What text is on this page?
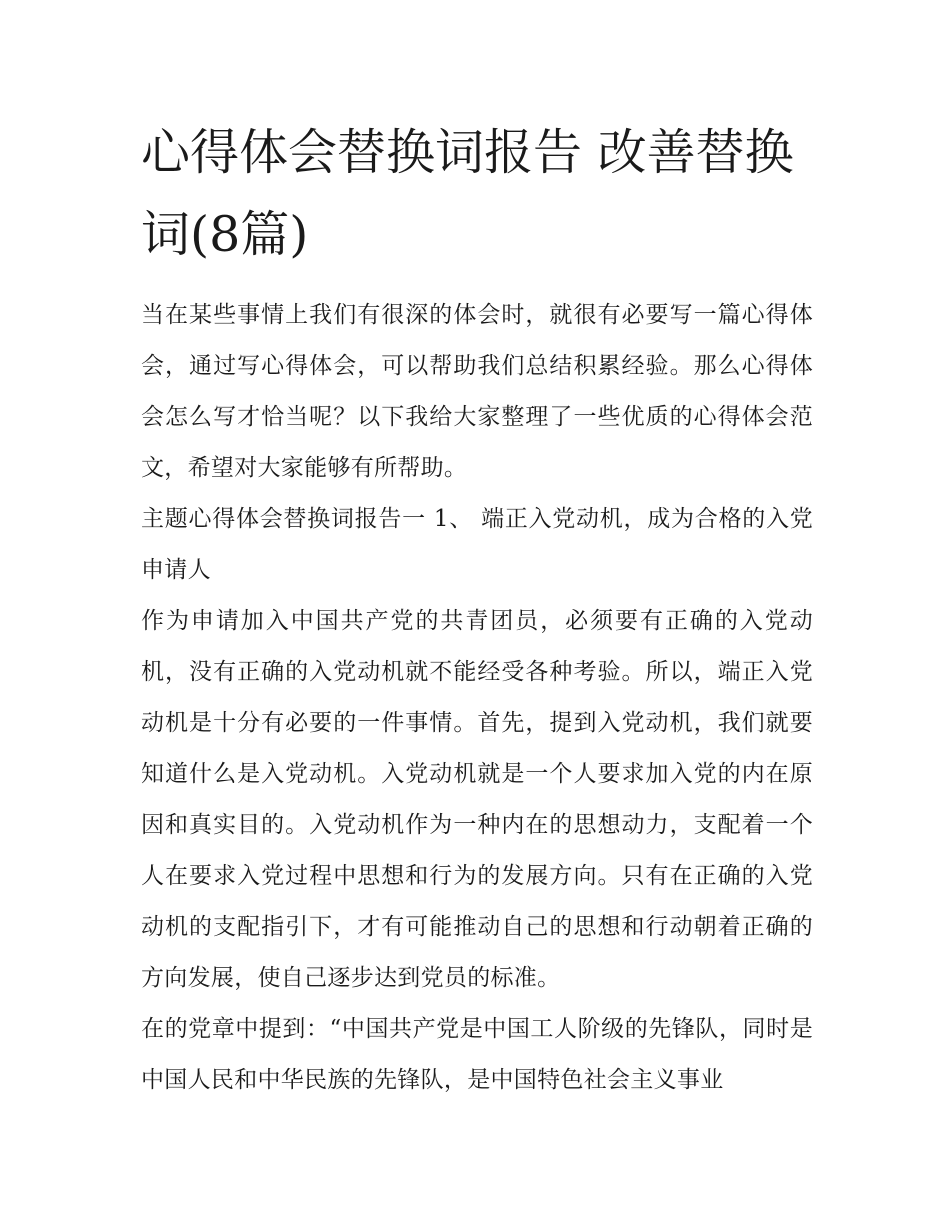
心得体会替换词报告 改善替换词(8篇)

当在某些事情上我们有很深的体会时，就很有必要写一篇心得体会，通过写心得体会，可以帮助我们总结积累经验。那么心得体会怎么写才恰当呢？以下我给大家整理了一些优质的心得体会范文，希望对大家能够有所帮助。

主题心得体会替换词报告一 1、 端正入党动机，成为合格的入党申请人

作为申请加入中国共产党的共青团员，必须要有正确的入党动机，没有正确的入党动机就不能经受各种考验。所以，端正入党动机是十分有必要的一件事情。首先，提到入党动机，我们就要知道什么是入党动机。入党动机就是一个人要求加入党的内在原因和真实目的。入党动机作为一种内在的思想动力，支配着一个人在要求入党过程中思想和行为的发展方向。只有在正确的入党动机的支配指引下，才有可能推动自己的思想和行动朝着正确的方向发展，使自己逐步达到党员的标准。

在的党章中提到：“中国共产党是中国工人阶级的先锋队，同时是中国人民和中华民族的先锋队，是中国特色社会主义事业
